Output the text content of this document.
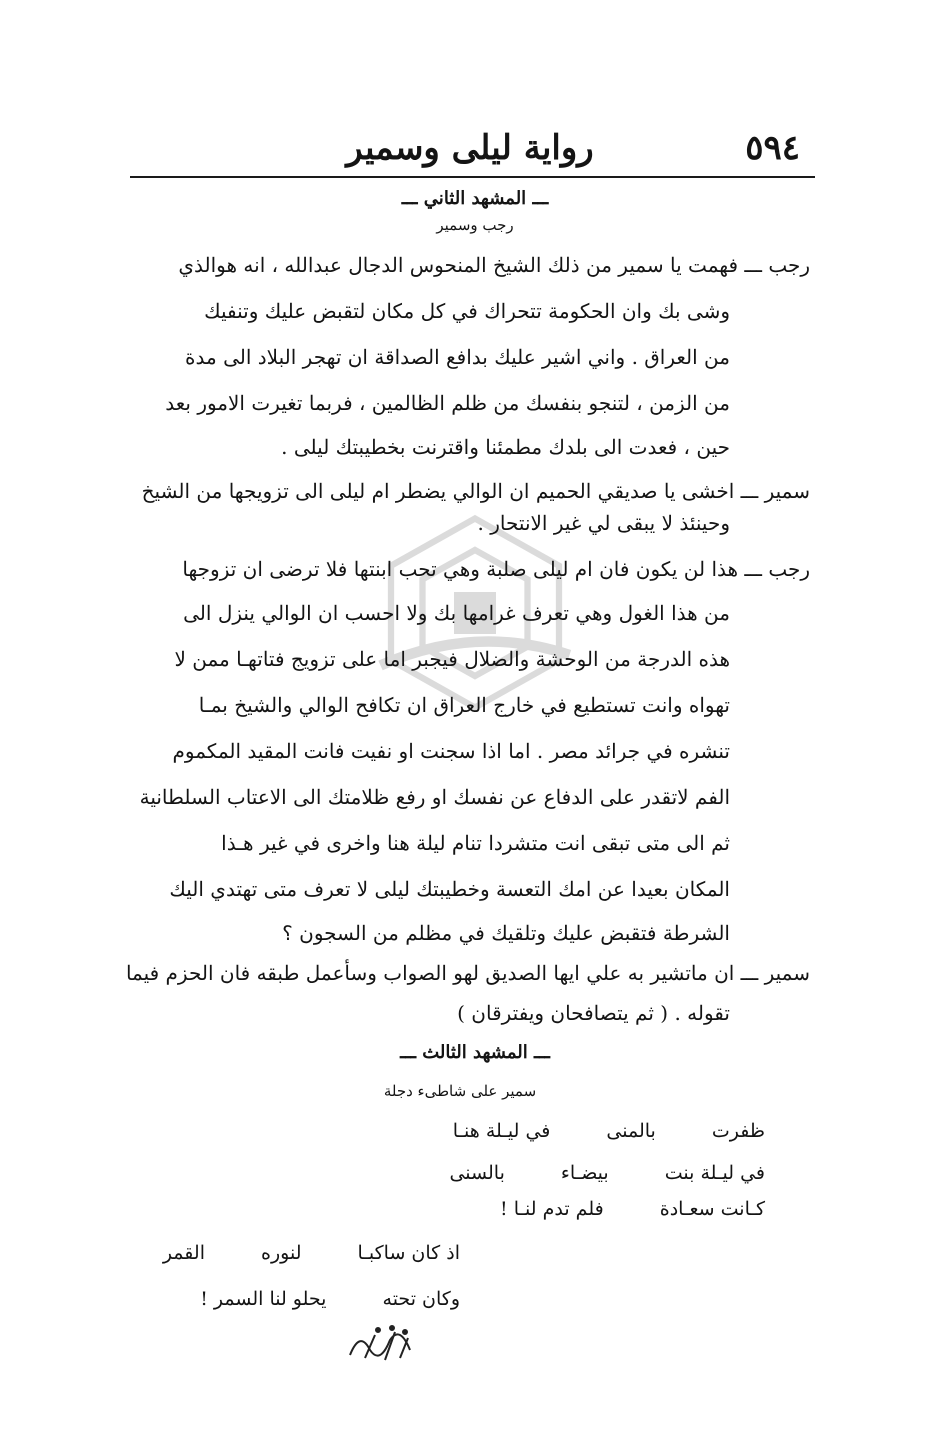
٥٩٤
رواية ليلى وسمير
ـــ المشهد الثاني ـــ
رجب وسمير
رجب ـــ فهمت يا سمير من ذلك الشيخ المنحوس الدجال عبدالله ، انه هوالذي
وشى بك وان الحكومة تتحراك في كل مكان لتقبض عليك وتنفيك
من العراق . واني اشير عليك بدافع الصداقة ان تهجر البلاد الى مدة
من الزمن ، لتنجو بنفسك من ظلم الظالمين ، فربما تغيرت الامور بعد
حين ، فعدت الى بلدك مطمئنا واقترنت بخطيبتك ليلى .
سمير ـــ اخشى يا صديقي الحميم ان الوالي يضطر ام ليلى الى تزويجها من الشيخ
وحينئذ لا يبقى لي غير الانتحار .
رجب ـــ هذا لن يكون فان ام ليلى صلبة وهي تحب ابنتها فلا ترضى ان تزوجها
من هذا الغول وهي تعرف غرامها بك ولا احسب ان الوالي ينزل الى
هذه الدرجة من الوحشة والضلال فيجبر اما على تزويج فتاتهـا ممن لا
تهواه وانت تستطيع في خارج العراق ان تكافح الوالي والشيخ بمـا
تنشره في جرائد مصر . اما اذا سجنت او نفيت فانت المقيد المكموم
الفم لاتقدر على الدفاع عن نفسك او رفع ظلامتك الى الاعتاب السلطانية
ثم الى متى تبقى انت متشردا تنام ليلة هنا واخرى في غير هـذا
المكان بعيدا عن امك التعسة وخطيبتك ليلى لا تعرف متى تهتدي اليك
الشرطة فتقبض عليك وتلقيك في مظلم من السجون ؟
سمير ـــ ان ماتشير به علي ايها الصديق لهو الصواب وسأعمل طبقه فان الحزم فيما
تقوله . ( ثم يتصافحان ويفترقان )
ـــ المشهد الثالث ـــ
سمير على شاطىء دجلة
ظفرت بالمنى في ليـلة هنـا
في ليـلة بنت بيضـاء بالسنى
كـانت سعـادة فلم تدم لنـا !
اذ كان ساكبـا لنوره القمر
وكان تحته يحلو لنا السمر !
